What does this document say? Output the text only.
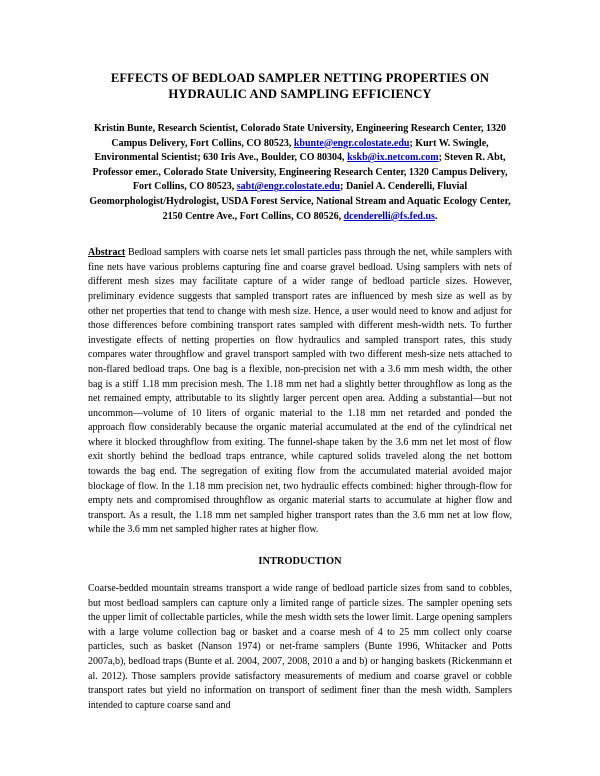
EFFECTS OF BEDLOAD SAMPLER NETTING PROPERTIES ON
HYDRAULIC AND SAMPLING EFFICIENCY

Kristin Bunte, Research Scientist, Colorado State University, Engineering Research Center, 1320 Campus Delivery, Fort Collins, CO 80523, kbunte@engr.colostate.edu; Kurt W. Swingle, Environmental Scientist; 630 Iris Ave., Boulder, CO 80304, kskb@ix.netcom.com; Steven R. Abt, Professor emer., Colorado State University, Engineering Research Center, 1320 Campus Delivery, Fort Collins, CO 80523, sabt@engr.colostate.edu; Daniel A. Cenderelli, Fluvial Geomorphologist/Hydrologist, USDA Forest Service, National Stream and Aquatic Ecology Center, 2150 Centre Ave., Fort Collins, CO 80526, dcenderelli@fs.fed.us.

Abstract Bedload samplers with coarse nets let small particles pass through the net, while samplers with fine nets have various problems capturing fine and coarse gravel bedload. Using samplers with nets of different mesh sizes may facilitate capture of a wider range of bedload particle sizes. However, preliminary evidence suggests that sampled transport rates are influenced by mesh size as well as by other net properties that tend to change with mesh size. Hence, a user would need to know and adjust for those differences before combining transport rates sampled with different mesh-width nets. To further investigate effects of netting properties on flow hydraulics and sampled transport rates, this study compares water throughflow and gravel transport sampled with two different mesh-size nets attached to non-flared bedload traps. One bag is a flexible, non-precision net with a 3.6 mm mesh width, the other bag is a stiff 1.18 mm precision mesh. The 1.18 mm net had a slightly better throughflow as long as the net remained empty, attributable to its slightly larger percent open area. Adding a substantial—but not uncommon—volume of 10 liters of organic material to the 1.18 mm net retarded and ponded the approach flow considerably because the organic material accumulated at the end of the cylindrical net where it blocked throughflow from exiting. The funnel-shape taken by the 3.6 mm net let most of flow exit shortly behind the bedload traps entrance, while captured solids traveled along the net bottom towards the bag end. The segregation of exiting flow from the accumulated material avoided major blockage of flow. In the 1.18 mm precision net, two hydraulic effects combined: higher through-flow for empty nets and compromised throughflow as organic material starts to accumulate at higher flow and transport. As a result, the 1.18 mm net sampled higher transport rates than the 3.6 mm net at low flow, while the 3.6 mm net sampled higher rates at higher flow.

INTRODUCTION

Coarse-bedded mountain streams transport a wide range of bedload particle sizes from sand to cobbles, but most bedload samplers can capture only a limited range of particle sizes. The sampler opening sets the upper limit of collectable particles, while the mesh width sets the lower limit. Large opening samplers with a large volume collection bag or basket and a coarse mesh of 4 to 25 mm collect only coarse particles, such as basket (Nanson 1974) or net-frame samplers (Bunte 1996, Whitacker and Potts 2007a,b), bedload traps (Bunte et al. 2004, 2007, 2008, 2010 a and b) or hanging baskets (Rickenmann et al. 2012). Those samplers provide satisfactory measurements of medium and coarse gravel or cobble transport rates but yield no information on transport of sediment finer than the mesh width. Samplers intended to capture coarse sand and
